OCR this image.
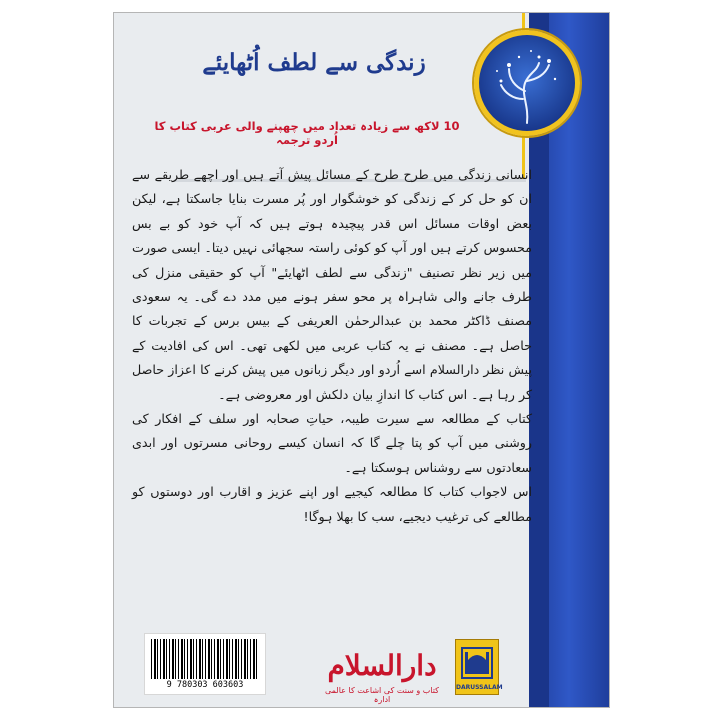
زندگی سے لطف اُٹھایئے
10 لاکھ سے زیادہ تعداد میں چھپنے والی عربی کتاب کا اُردو ترجمہ

انسانی زندگی میں طرح طرح کے مسائل پیش آتے ہیں اور اچھے طریقے سے ان کو حل کر کے زندگی کو خوشگوار اور پُر مسرت بنایا جاسکتا ہے، لیکن بعض اوقات مسائل اس قدر پیچیدہ ہوتے ہیں کہ آپ خود کو بے بس محسوس کرتے ہیں اور آپ کو کوئی راستہ سجھائی نہیں دیتا۔ ایسی صورت میں زیر نظر تصنیف "زندگی سے لطف اٹھایئے" آپ کو حقیقی منزل کی طرف جانے والی شاہراہ پر محو سفر ہونے میں مدد دے گی۔ یہ سعودی مصنف ڈاکٹر محمد بن عبدالرحمٰن العریفی کے بیس برس کے تجربات کا حاصل ہے۔ مصنف نے یہ کتاب عربی میں لکھی تھی۔ اس کی افادیت کے پیش نظر دارالسلام اسے اُردو اور دیگر زبانوں میں پیش کرنے کا اعزاز حاصل کر رہا ہے۔ اس کتاب کا اندازِ بیان دلکش اور معروضی ہے۔

کتاب کے مطالعہ سے سیرت طیبہ، حیاتِ صحابہ اور سلف کے افکار کی روشنی میں آپ کو پتا چلے گا کہ انسان کیسے روحانی مسرتوں اور ابدی سعادتوں سے روشناس ہوسکتا ہے۔

اس لاجواب کتاب کا مطالعہ کیجیے اور اپنے عزیز و اقارب اور دوستوں کو مطالعے کی ترغیب دیجیے، سب کا بھلا ہوگا!

9 780303 603603
دارالسلام
کتاب و سنت کی اشاعت کا عالمی ادارہ
DARUSSALAM
